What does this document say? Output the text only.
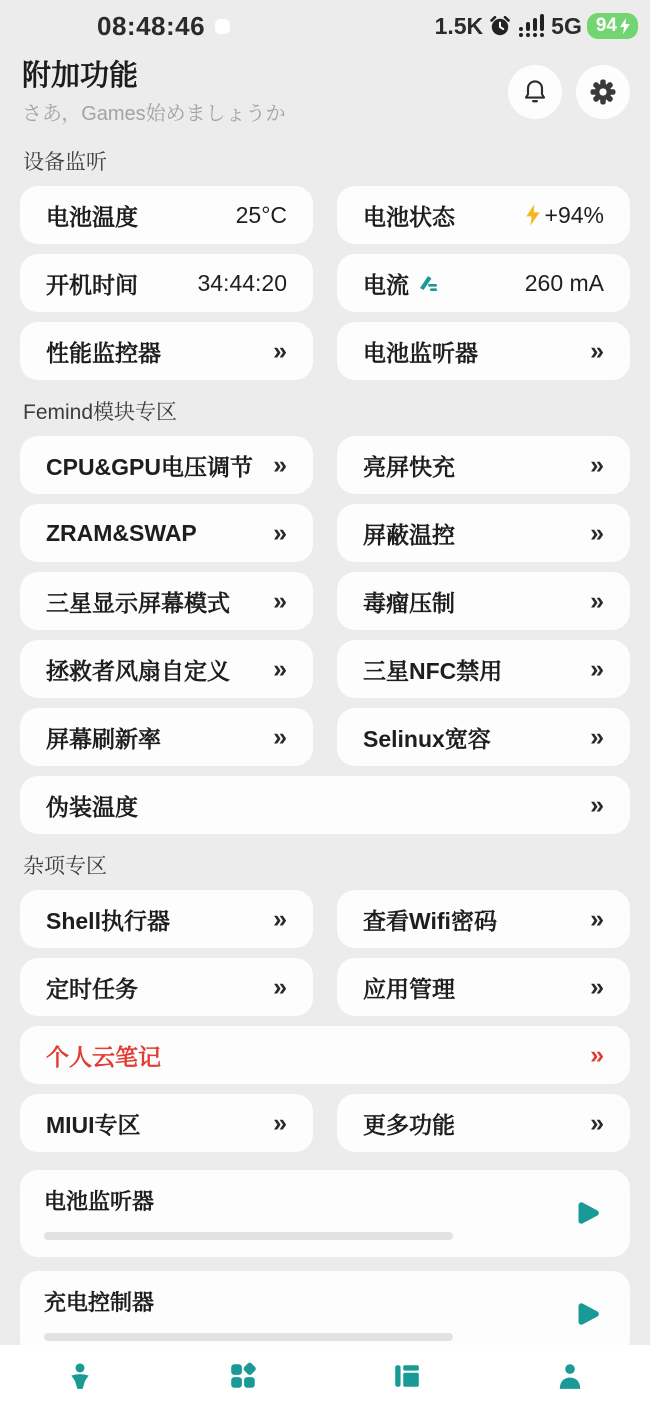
08:48:46	1.5K	5G 94
附加功能
さあ，Games始めましょうか
设备监听
电池温度	25°C	电池状态	+94%
开机时间	34:44:20	电流	260 mA
性能监控器	»	电池监听器	»
Femind模块专区
CPU&GPU电压调节 »	亮屏快充	»
ZRAM&SWAP	»	屏蔽温控	»
三星显示屏幕模式 »	毒瘤压制	»
拯救者风扇自定义 »	三星NFC禁用	»
屏幕刷新率	»	Selinux宽容	»
伪装温度	»
杂项专区
Shell执行器	»	查看Wifi密码	»
定时任务	»	应用管理	»
个人云笔记	»
MIUI专区	»	更多功能	»
电池监听器
充电控制器
